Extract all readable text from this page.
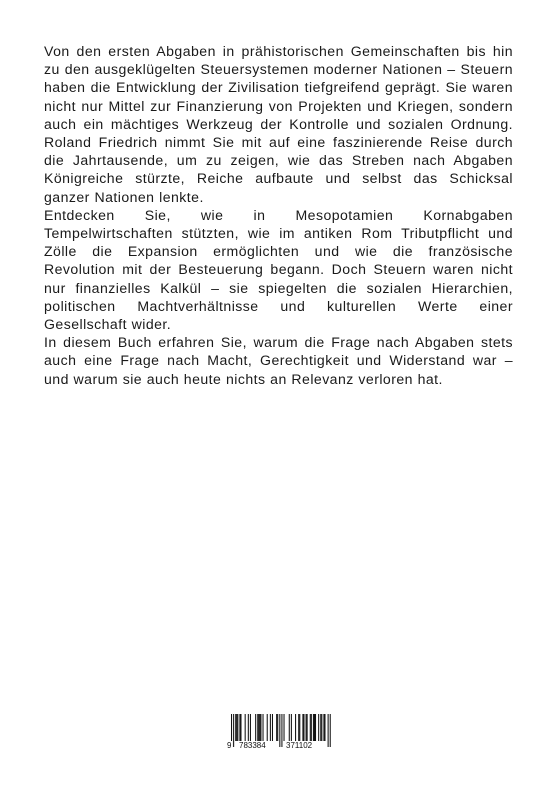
Von den ersten Abgaben in prähistorischen Gemeinschaften bis hin zu den ausgeklügelten Steuersystemen moderner Nationen – Steuern haben die Entwicklung der Zivilisation tiefgreifend geprägt. Sie waren nicht nur Mittel zur Finanzierung von Projekten und Kriegen, sondern auch ein mächtiges Werkzeug der Kontrolle und sozialen Ordnung. Roland Friedrich nimmt Sie mit auf eine faszinierende Reise durch die Jahrtausende, um zu zeigen, wie das Streben nach Abgaben Königreiche stürzte, Reiche aufbaute und selbst das Schicksal ganzer Nationen lenkte.

Entdecken Sie, wie in Mesopotamien Kornabgaben Tempelwirtschaften stützten, wie im antiken Rom Tributpflicht und Zölle die Expansion ermöglichten und wie die französische Revolution mit der Besteuerung begann. Doch Steuern waren nicht nur finanzielles Kalkül – sie spiegelten die sozialen Hierarchien, politischen Machtverhältnisse und kulturellen Werte einer Gesellschaft wider.

In diesem Buch erfahren Sie, warum die Frage nach Abgaben stets auch eine Frage nach Macht, Gerechtigkeit und Widerstand war – und warum sie auch heute nichts an Relevanz verloren hat.

9 783384	371102
